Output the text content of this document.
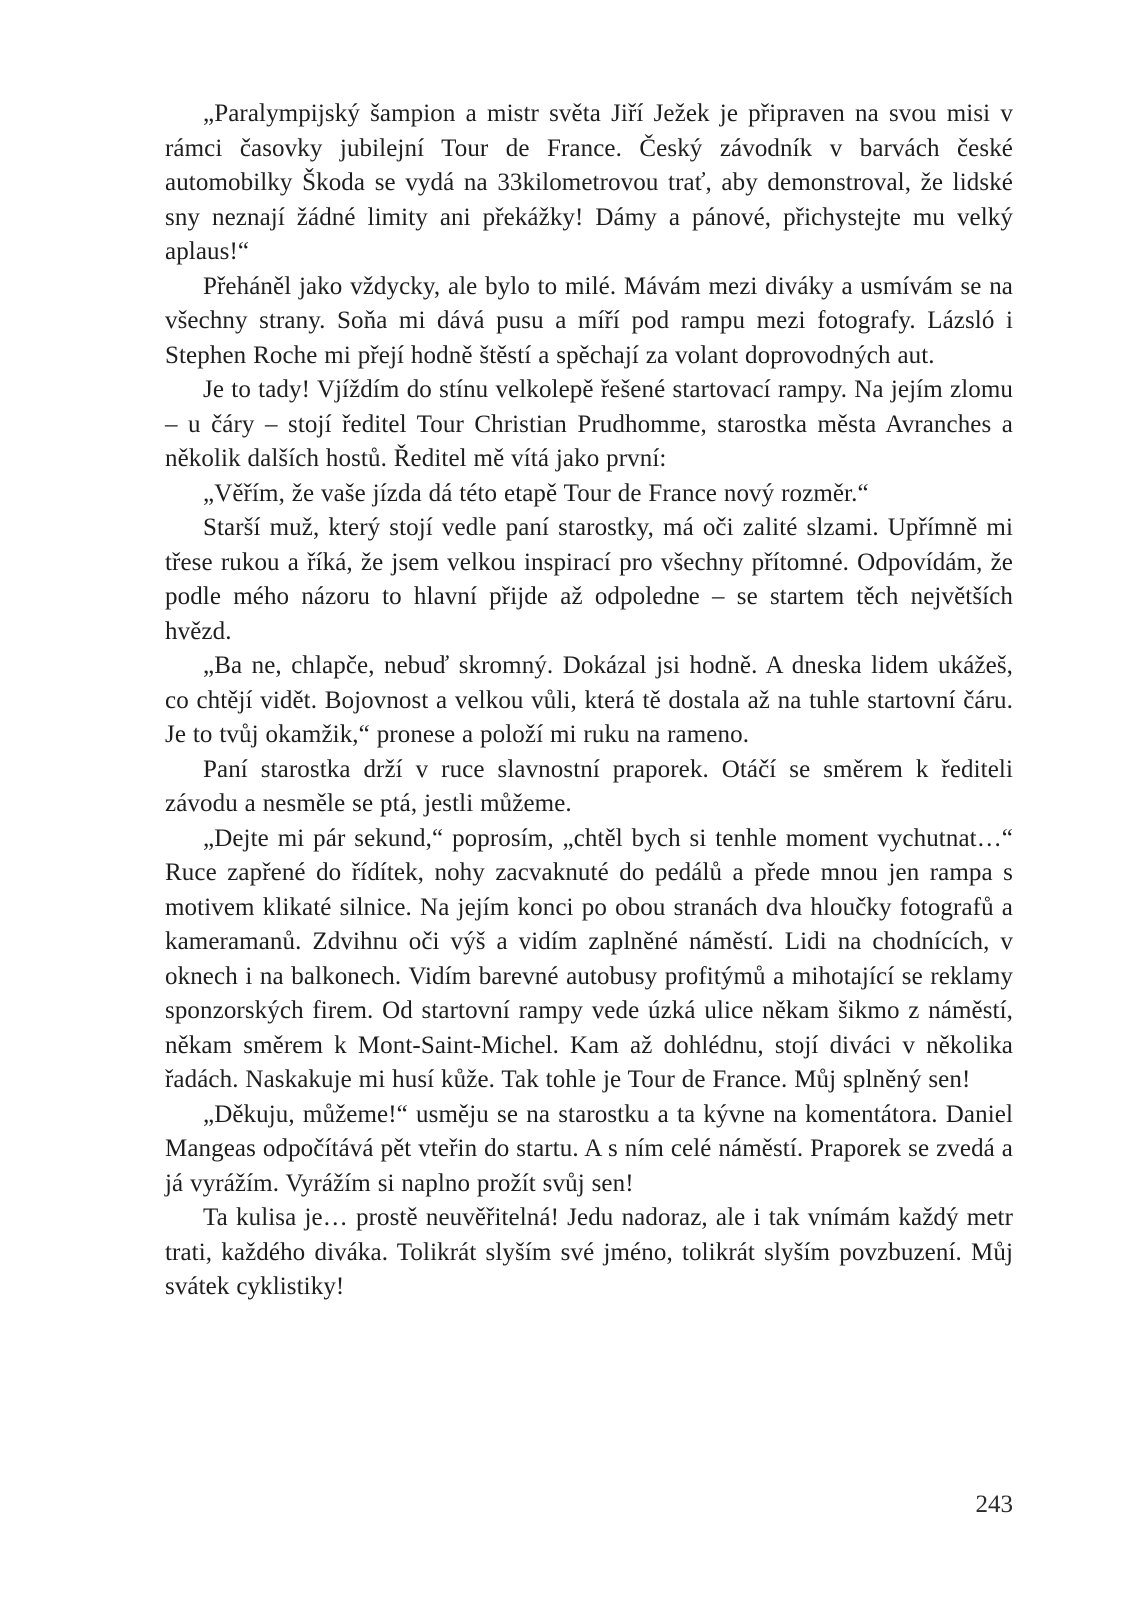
„Paralympijský šampion a mistr světa Jiří Ježek je připraven na svou misi v rámci časovky jubilejní Tour de France. Český závodník v barvách české automobilky Škoda se vydá na 33kilometrovou trať, aby demonstroval, že lidské sny neznají žádné limity ani překážky! Dámy a pánové, přichystejte mu velký aplaus!“

Přeháněl jako vždycky, ale bylo to milé. Mávám mezi diváky a usmívám se na všechny strany. Soňa mi dává pusu a míří pod rampu mezi fotografy. Lázsló i Stephen Roche mi přejí hodně štěstí a spěchají za volant doprovodných aut.

Je to tady! Vjíždím do stínu velkolepě řešené startovací rampy. Na jejím zlomu – u čáry – stojí ředitel Tour Christian Prudhomme, starostka města Avranches a několik dalších hostů. Ředitel mě vítá jako první:

„Věřím, že vaše jízda dá této etapě Tour de France nový rozměr.“

Starší muž, který stojí vedle paní starostky, má oči zalité slzami. Upřímně mi třese rukou a říká, že jsem velkou inspirací pro všechny přítomné. Odpovídám, že podle mého názoru to hlavní přijde až odpoledne – se startem těch největších hvězd.

„Ba ne, chlapče, nebuď skromný. Dokázal jsi hodně. A dneska lidem ukážeš, co chtějí vidět. Bojovnost a velkou vůli, která tě dostala až na tuhle startovní čáru. Je to tvůj okamžik,“ pronese a položí mi ruku na rameno.

Paní starostka drží v ruce slavnostní praporek. Otáčí se směrem k řediteli závodu a nesměle se ptá, jestli můžeme.

„Dejte mi pár sekund,“ poprosím, „chtěl bych si tenhle moment vychutnat…“ Ruce zapřené do řídítek, nohy zacvaknuté do pedálů a přede mnou jen rampa s motivem klikaté silnice. Na jejím konci po obou stranách dva hloučky fotografů a kameramanů. Zdvihnu oči výš a vidím zaplněné náměstí. Lidi na chodnících, v oknech i na balkonech. Vidím barevné autobusy profitýmů a mihotající se reklamy sponzorských firem. Od startovní rampy vede úzká ulice někam šikmo z náměstí, někam směrem k Mont-Saint-Michel. Kam až dohlédnu, stojí diváci v několika řadách. Naskakuje mi husí kůže. Tak tohle je Tour de France. Můj splněný sen!

„Děkuju, můžeme!“ usměju se na starostku a ta kývne na komentátora. Daniel Mangeas odpočítává pět vteřin do startu. A s ním celé náměstí. Praporek se zvedá a já vyrážím. Vyrážím si naplno prožít svůj sen!

Ta kulisa je… prostě neuvěřitelná! Jedu nadoraz, ale i tak vnímám každý metr trati, každého diváka. Tolikrát slyším své jméno, tolikrát slyším povzbuzení. Můj svátek cyklistiky!

243
